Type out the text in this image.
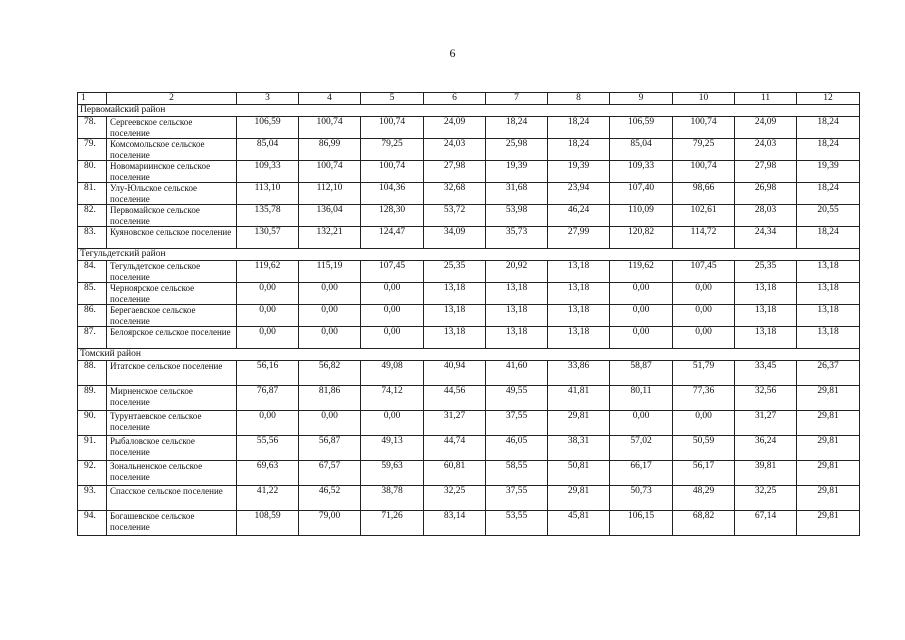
6
1	2	3	4	5	6	7	8	9	10	11	12
Первомайский район											
78.	Сергеевское сельское поселение	106,59	100,74	100,74	24,09	18,24	18,24	106,59	100,74	24,09	18,24
79.	Комсомольское сельское поселение	85,04	86,99	79,25	24,03	25,98	18,24	85,04	79,25	24,03	18,24
80.	Новомариинское сельское поселение	109,33	100,74	100,74	27,98	19,39	19,39	109,33	100,74	27,98	19,39
81.	Улу-Юльское сельское поселение	113,10	112,10	104,36	32,68	31,68	23,94	107,40	98,66	26,98	18,24
82.	Первомайское сельское поселение	135,78	136,04	128,30	53,72	53,98	46,24	110,09	102,61	28,03	20,55
83.	Куяновское сельское поселение	130,57	132,21	124,47	34,09	35,73	27,99	120,82	114,72	24,34	18,24
Тегульдетский район											
84.	Тегульдетское сельское поселение	119,62	115,19	107,45	25,35	20,92	13,18	119,62	107,45	25,35	13,18
85.	Черноярское сельское поселение	0,00	0,00	0,00	13,18	13,18	13,18	0,00	0,00	13,18	13,18
86.	Берегаевское сельское поселение	0,00	0,00	0,00	13,18	13,18	13,18	0,00	0,00	13,18	13,18
87.	Белоярское сельское поселение	0,00	0,00	0,00	13,18	13,18	13,18	0,00	0,00	13,18	13,18
Томский район											
88.	Итатское сельское поселение	56,16	56,82	49,08	40,94	41,60	33,86	58,87	51,79	33,45	26,37
89.	Мирненское сельское поселение	76,87	81,86	74,12	44,56	49,55	41,81	80,11	77,36	32,56	29,81
90.	Турунтаевское сельское поселение	0,00	0,00	0,00	31,27	37,55	29,81	0,00	0,00	31,27	29,81
91.	Рыбаловское сельское поселение	55,56	56,87	49,13	44,74	46,05	38,31	57,02	50,59	36,24	29,81
92.	Зональненское сельское поселение	69,63	67,57	59,63	60,81	58,55	50,81	66,17	56,17	39,81	29,81
93.	Спасское сельское поселение	41,22	46,52	38,78	32,25	37,55	29,81	50,73	48,29	32,25	29,81
94.	Богашевское сельское поселение	108,59	79,00	71,26	83,14	53,55	45,81	106,15	68,82	67,14	29,81
